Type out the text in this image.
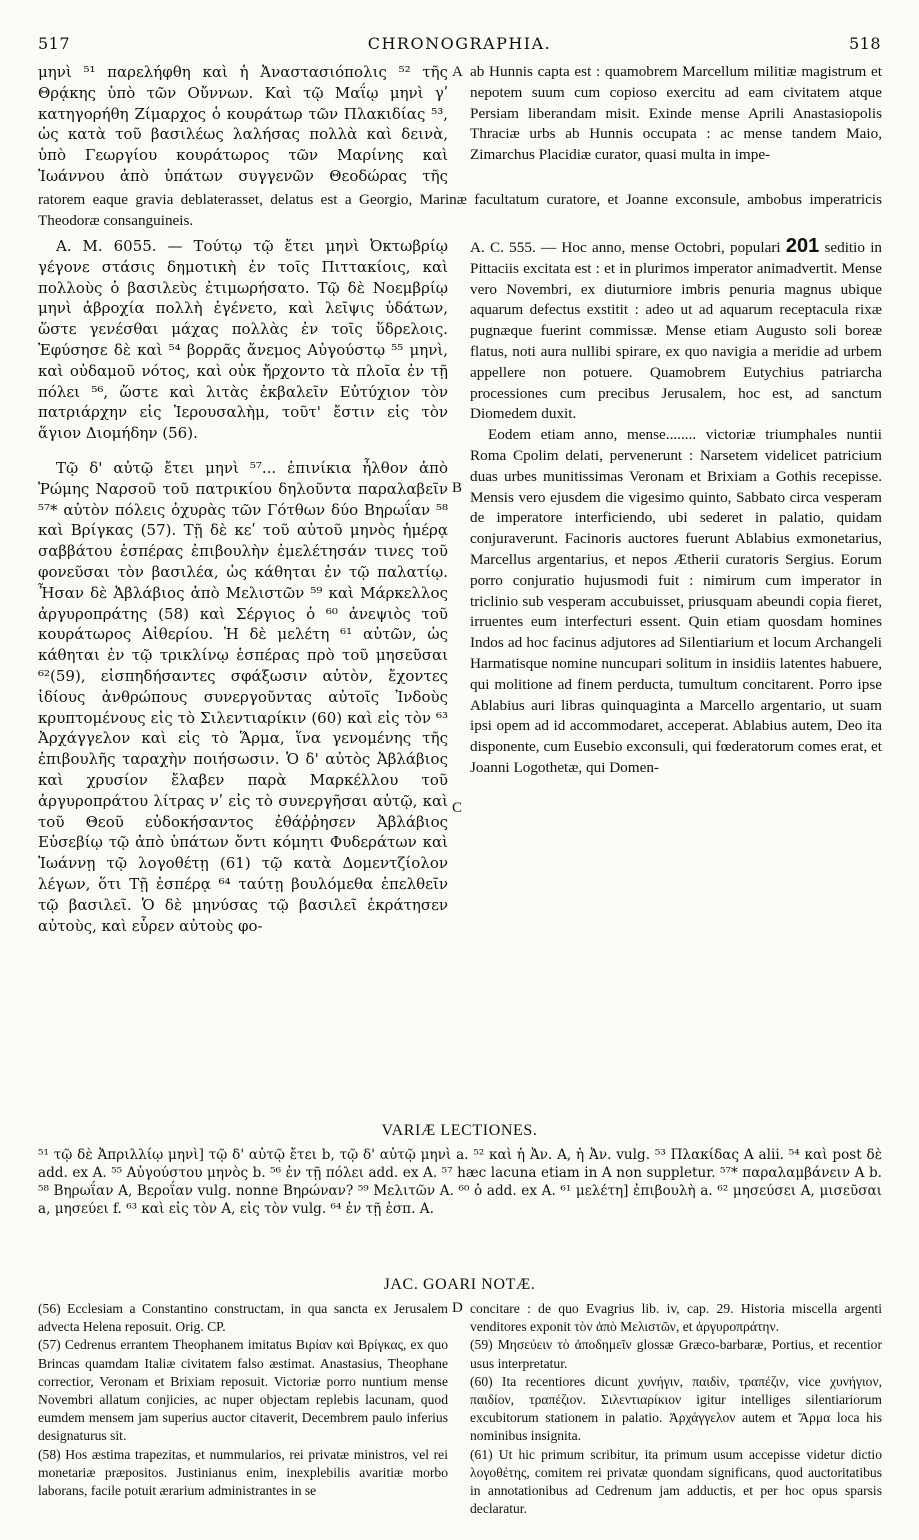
517	CHRONOGRAPHIA.	518

μηνὶ ⁵¹ παρελήφθη καὶ ἡ Ἀναστασιόπολις ⁵² τῆς Θρᾴκης ὑπὸ τῶν Οὔννων. Καὶ τῷ Μαΐῳ μηνὶ γʹ κατηγορήθη Ζίμαρχος ὁ κουράτωρ τῶν Πλακιδίας ⁵³, ὡς κατὰ τοῦ βασιλέως λαλήσας πολλὰ καὶ δεινὰ, ὑπὸ Γεωργίου κουράτωρος τῶν Μαρίνης καὶ Ἰωάννου ἀπὸ ὑπάτων συγγενῶν Θεοδώρας τῆς

ab Hunnis capta est : quamobrem Marcellum militiæ magistrum et nepotem suum cum copioso exercitu ad eam civitatem atque Persiam liberandam misit. Exinde mense Aprili Anastasiopolis Thraciæ urbs ab Hunnis occupata : ac mense tandem Maio, Zimarchus Placidiæ curator, quasi multa in impe-

A
ratorem eaque gravia deblaterasset, delatus est a Georgio, Marinæ facultatum curatore, et Joanne exconsule, ambobus imperatricis Theodoræ consanguineis.

A. M. 6055. — Τούτῳ τῷ ἔτει μηνὶ Ὀκτωβρίῳ γέγονε στάσις δημοτικὴ ἐν τοῖς Πιττακίοις, καὶ πολλοὺς ὁ βασιλεὺς ἐτιμωρήσατο. Τῷ δὲ Νοεμβρίῳ μηνὶ ἀβροχία πολλὴ ἐγένετο, καὶ λεῖψις ὑδάτων, ὥστε γενέσθαι μάχας πολλὰς ἐν τοῖς ὕδρελοις. Ἐφύσησε δὲ καὶ ⁵⁴ βορρᾶς ἄνεμος Αὐγούστῳ ⁵⁵ μηνὶ, καὶ οὐδαμοῦ νότος, καὶ οὐκ ἤρχοντο τὰ πλοῖα ἐν τῇ πόλει ⁵⁶, ὥστε καὶ λιτὰς ἐκβαλεῖν Εὐτύχιον τὸν πατριάρχην εἰς Ἱερουσαλὴμ, τοῦτ' ἔστιν εἰς τὸν ἅγιον Διομήδην (56).

Τῷ δ' αὐτῷ ἔτει μηνὶ ⁵⁷... ἐπινίκια ἦλθον ἀπὸ Ῥώμης Ναρσοῦ τοῦ πατρικίου δηλοῦντα παραλαβεῖν ⁵⁷* αὐτὸν πόλεις ὀχυρὰς τῶν Γότθων δύο Βηρωΐαν ⁵⁸ καὶ Βρίγκας (57). Τῇ δὲ κεʹ τοῦ αὐτοῦ μηνὸς ἡμέρᾳ σαββάτου ἑσπέρας ἐπιβουλὴν ἐμελέτησάν τινες τοῦ φονεῦσαι τὸν βασιλέα, ὡς κάθηται ἐν τῷ παλατίῳ. Ἦσαν δὲ Ἀβλάβιος ἀπὸ Μελιστῶν ⁵⁹ καὶ Μάρκελλος ἀργυροπράτης (58) καὶ Σέργιος ὁ ⁶⁰ ἀνεψιὸς τοῦ κουράτωρος Αἰθερίου. Ἡ δὲ μελέτη ⁶¹ αὐτῶν, ὡς κάθηται ἐν τῷ τρικλίνῳ ἑσπέρας πρὸ τοῦ μησεῦσαι ⁶²(59), εἰσπηδήσαντες σφάξωσιν αὐτὸν, ἔχοντες ἰδίους ἀνθρώπους συνεργοῦντας αὐτοῖς Ἰνδοὺς κρυπτομένους εἰς τὸ Σιλεντιαρίκιν (60) καὶ εἰς τὸν ⁶³ Ἀρχάγγελον καὶ εἰς τὸ Ἅρμα, ἵνα γενομένης τῆς ἐπιβουλῆς ταραχὴν ποιήσωσιν. Ὁ δ' αὐτὸς Ἀβλάβιος καὶ χρυσίον ἔλαβεν παρὰ Μαρκέλλου τοῦ ἀργυροπράτου λίτρας νʹ εἰς τὸ συνεργῆσαι αὐτῷ, καὶ τοῦ Θεοῦ εὐδοκήσαντος ἐθάῤῥησεν Ἀβλάβιος Εὐσεβίῳ τῷ ἀπὸ ὑπάτων ὄντι κόμητι Φυδεράτων καὶ Ἰωάννῃ τῷ λογοθέτῃ (61) τῷ κατὰ Δομεντζίολον λέγων, ὅτι Τῇ ἑσπέρᾳ ⁶⁴ ταύτῃ βουλόμεθα ἐπελθεῖν τῷ βασιλεῖ. Ὁ δὲ μηνύσας τῷ βασιλεῖ ἐκράτησεν αὐτοὺς, καὶ εὗρεν αὐτοὺς φο-

A. C. 555. — Hoc anno, mense Octobri, populari 201 seditio in Pittaciis excitata est : et in plurimos imperator animadvertit. Mense vero Novembri, ex diuturniore imbris penuria magnus ubique aquarum defectus exstitit : adeo ut ad aquarum receptacula rixæ pugnæque fuerint commissæ. Mense etiam Augusto soli boreæ flatus, noti aura nullibi spirare, ex quo navigia a meridie ad urbem appellere non potuere. Quamobrem Eutychius patriarcha processiones cum precibus Jerusalem, hoc est, ad sanctum Diomedem duxit.

Eodem etiam anno, mense........ victoriæ triumphales nuntii Roma Cpolim delati, pervenerunt : Narsetem videlicet patricium duas urbes munitissimas Veronam et Brixiam a Gothis recepisse. Mensis vero ejusdem die vigesimo quinto, Sabbato circa vesperam de imperatore interficiendo, ubi sederet in palatio, quidam conjuraverunt. Facinoris auctores fuerunt Ablabius exmonetarius, Marcellus argentarius, et nepos Ætherii curatoris Sergius. Eorum porro conjuratio hujusmodi fuit : nimirum cum imperator in triclinio sub vesperam accubuisset, priusquam abeundi copia fieret, irruentes eum interfecturi essent. Quin etiam quosdam homines Indos ad hoc facinus adjutores ad Silentiarium et locum Archangeli Harmatisque nomine nuncupari solitum in insidiis latentes habuere, qui molitione ad finem perducta, tumultum concitarent. Porro ipse Ablabius auri libras quinquaginta a Marcello argentario, ut suam ipsi opem ad id accommodaret, acceperat. Ablabius autem, Deo ita disponente, cum Eusebio exconsuli, qui fœderatorum comes erat, et Joanni Logothetæ, qui Domen-

B
C
VARIÆ LECTIONES.
⁵¹ τῷ δὲ Ἀπριλλίῳ μηνὶ] τῷ δ' αὐτῷ ἔτει b, τῷ δ' αὐτῷ μηνὶ a. ⁵² καὶ ἡ Ἀν. A, ἡ Ἀν. vulg. ⁵³ Πλακίδας A alii. ⁵⁴ καὶ post δὲ add. ex A. ⁵⁵ Αὐγούστου μηνὸς b. ⁵⁶ ἐν τῇ πόλει add. ex A. ⁵⁷ hæc lacuna etiam in A non suppletur. ⁵⁷* παραλαμβάνειν A b. ⁵⁸ Βηρωΐαν A, Βεροΐαν vulg. nonne Βηρώναν? ⁵⁹ Μελιτῶν A. ⁶⁰ ὁ add. ex A. ⁶¹ μελέτη] ἐπιβουλὴ a. ⁶² μησεύσει A, μισεῦσαι a, μησεύει f. ⁶³ καὶ εἰς τὸν A, εἰς τὸν vulg. ⁶⁴ ἐν τῇ ἑσπ. A.
JAC. GOARI NOTÆ.
D

(56) Ecclesiam a Constantino constructam, in qua sancta ex Jerusalem advecta Helena reposuit. Orig. CP.

(57) Cedrenus errantem Theophanem imitatus Βιρίαν καὶ Βρίγκας, ex quo Brincas quamdam Italiæ civitatem falso æstimat. Anastasius, Theophane correctior, Veronam et Brixiam reposuit. Victoriæ porro nuntium mense Novembri allatum conjicies, ac nuper objectam replebis lacunam, quod eumdem mensem jam superius auctor citaverit, Decembrem paulo inferius designaturus sit.

(58) Hos æstima trapezitas, et nummularios, rei privatæ ministros, vel rei monetariæ præpositos. Justinianus enim, inexplebilis avaritiæ morbo laborans, facile potuit ærarium administrantes in se

concitare : de quo Evagrius lib. iv, cap. 29. Historia miscella argenti venditores exponit τὸν ἀπὸ Μελιστῶν, et ἀργυροπράτην.

(59) Μησεύειν τὸ ἀποδημεῖν glossæ Græco-barbaræ, Portius, et recentior usus interpretatur.

(60) Ita recentiores dicunt χυνήγιν, παιδὶν, τραπέζιν, vice χυνήγιον, παιδίον, τραπέζιον. Σιλεντιαρίκιον igitur intelliges silentiariorum excubitorum stationem in palatio. Ἀρχάγγελον autem et Ἅρμα loca his nominibus insignita.

(61) Ut hic primum scribitur, ita primum usum accepisse videtur dictio λογοθέτης, comitem rei privatæ quondam significans, quod auctoritatibus in annotationibus ad Cedrenum jam adductis, et per hoc opus sparsis declaratur.
